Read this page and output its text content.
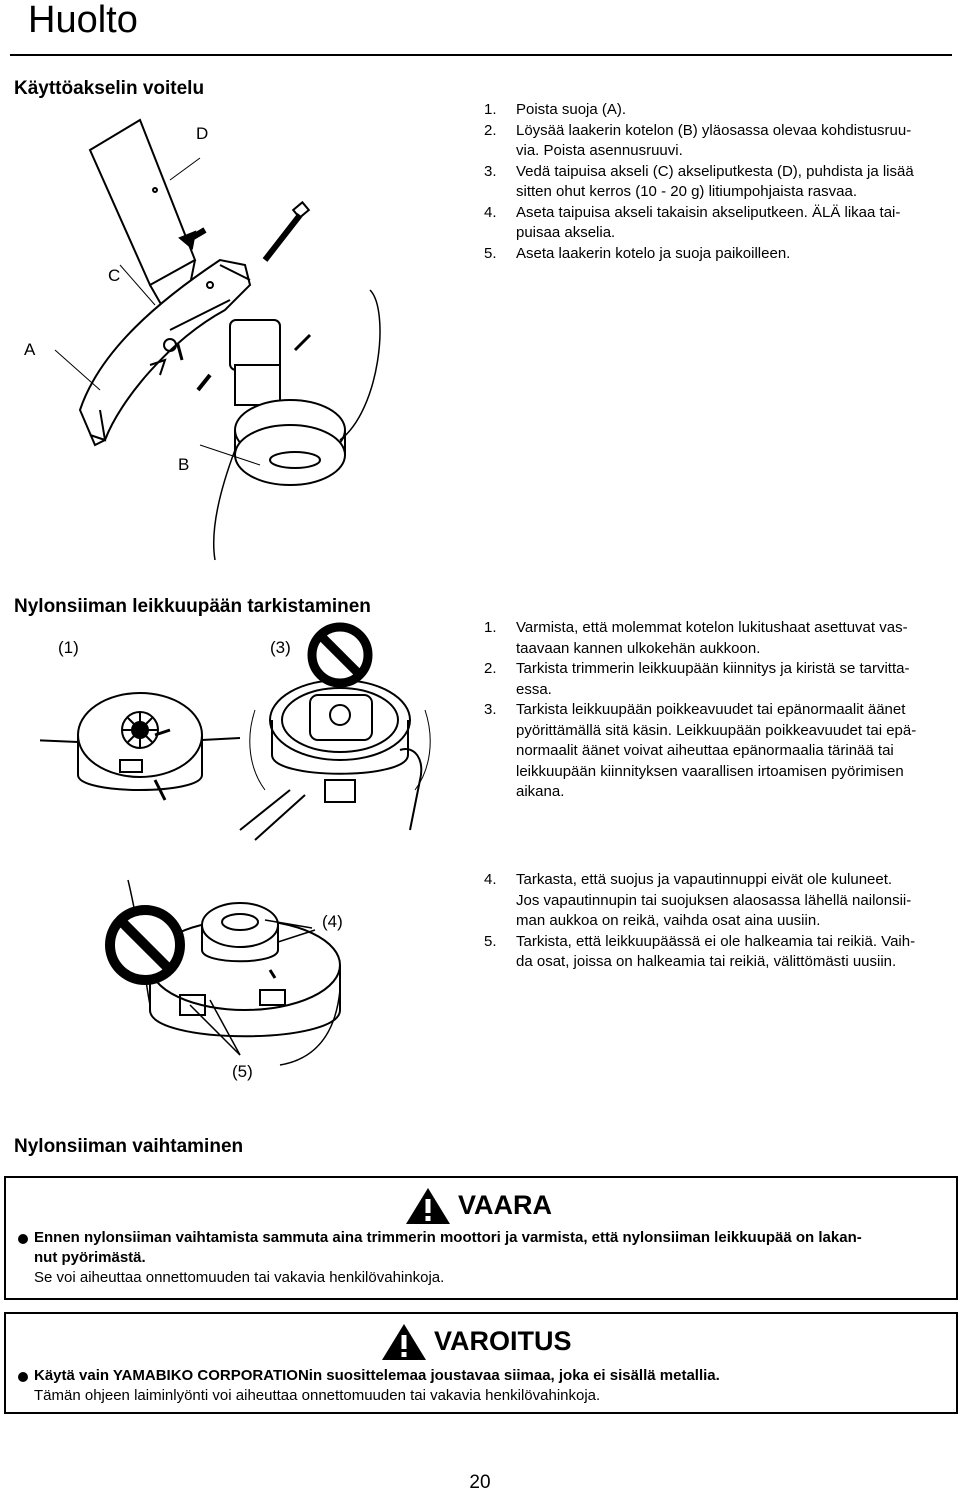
Huolto
Käyttöakselin voitelu
D
C
A
B
1. Poista suoja (A).
2. Löysää laakerin kotelon (B) yläosassa olevaa kohdistusruu-
via. Poista asennusruuvi.
3. Vedä taipuisa akseli (C) akseliputkesta (D), puhdista ja lisää
sitten ohut kerros (10 - 20 g) litiumpohjaista rasvaa.
4. Aseta taipuisa akseli takaisin akseliputkeen. ÄLÄ likaa tai-
puisaa akselia.
5. Aseta laakerin kotelo ja suoja paikoilleen.
Nylonsiiman leikkuupään tarkistaminen
(1)	(3)
1. Varmista, että molemmat kotelon lukitushaat asettuvat vas-
taavaan kannen ulkokehän aukkoon.
2. Tarkista trimmerin leikkuupään kiinnitys ja kiristä se tarvitta-
essa.
3. Tarkista leikkuupään poikkeavuudet tai epänormaalit äänet
pyörittämällä sitä käsin. Leikkuupään poikkeavuudet tai epä-
normaalit äänet voivat aiheuttaa epänormaalia tärinää tai
leikkuupään kiinnityksen vaarallisen irtoamisen pyörimisen
aikana.
(4)
(5)
4. Tarkasta, että suojus ja vapautinnuppi eivät ole kuluneet.
Jos vapautinnupin tai suojuksen alaosassa lähellä nailonsii-
man aukkoa on reikä, vaihda osat aina uusiin.
5. Tarkista, että leikkuupäässä ei ole halkeamia tai reikiä. Vaih-
da osat, joissa on halkeamia tai reikiä, välittömästi uusiin.
Nylonsiiman vaihtaminen
VAARA
Ennen nylonsiiman vaihtamista sammuta aina trimmerin moottori ja varmista, että nylonsiiman leikkuupää on lakan-
nut pyörimästä.
Se voi aiheuttaa onnettomuuden tai vakavia henkilövahinkoja.
VAROITUS
Käytä vain YAMABIKO CORPORATIONin suosittelemaa joustavaa siimaa, joka ei sisällä metallia.
Tämän ohjeen laiminlyönti voi aiheuttaa onnettomuuden tai vakavia henkilövahinkoja.
20
